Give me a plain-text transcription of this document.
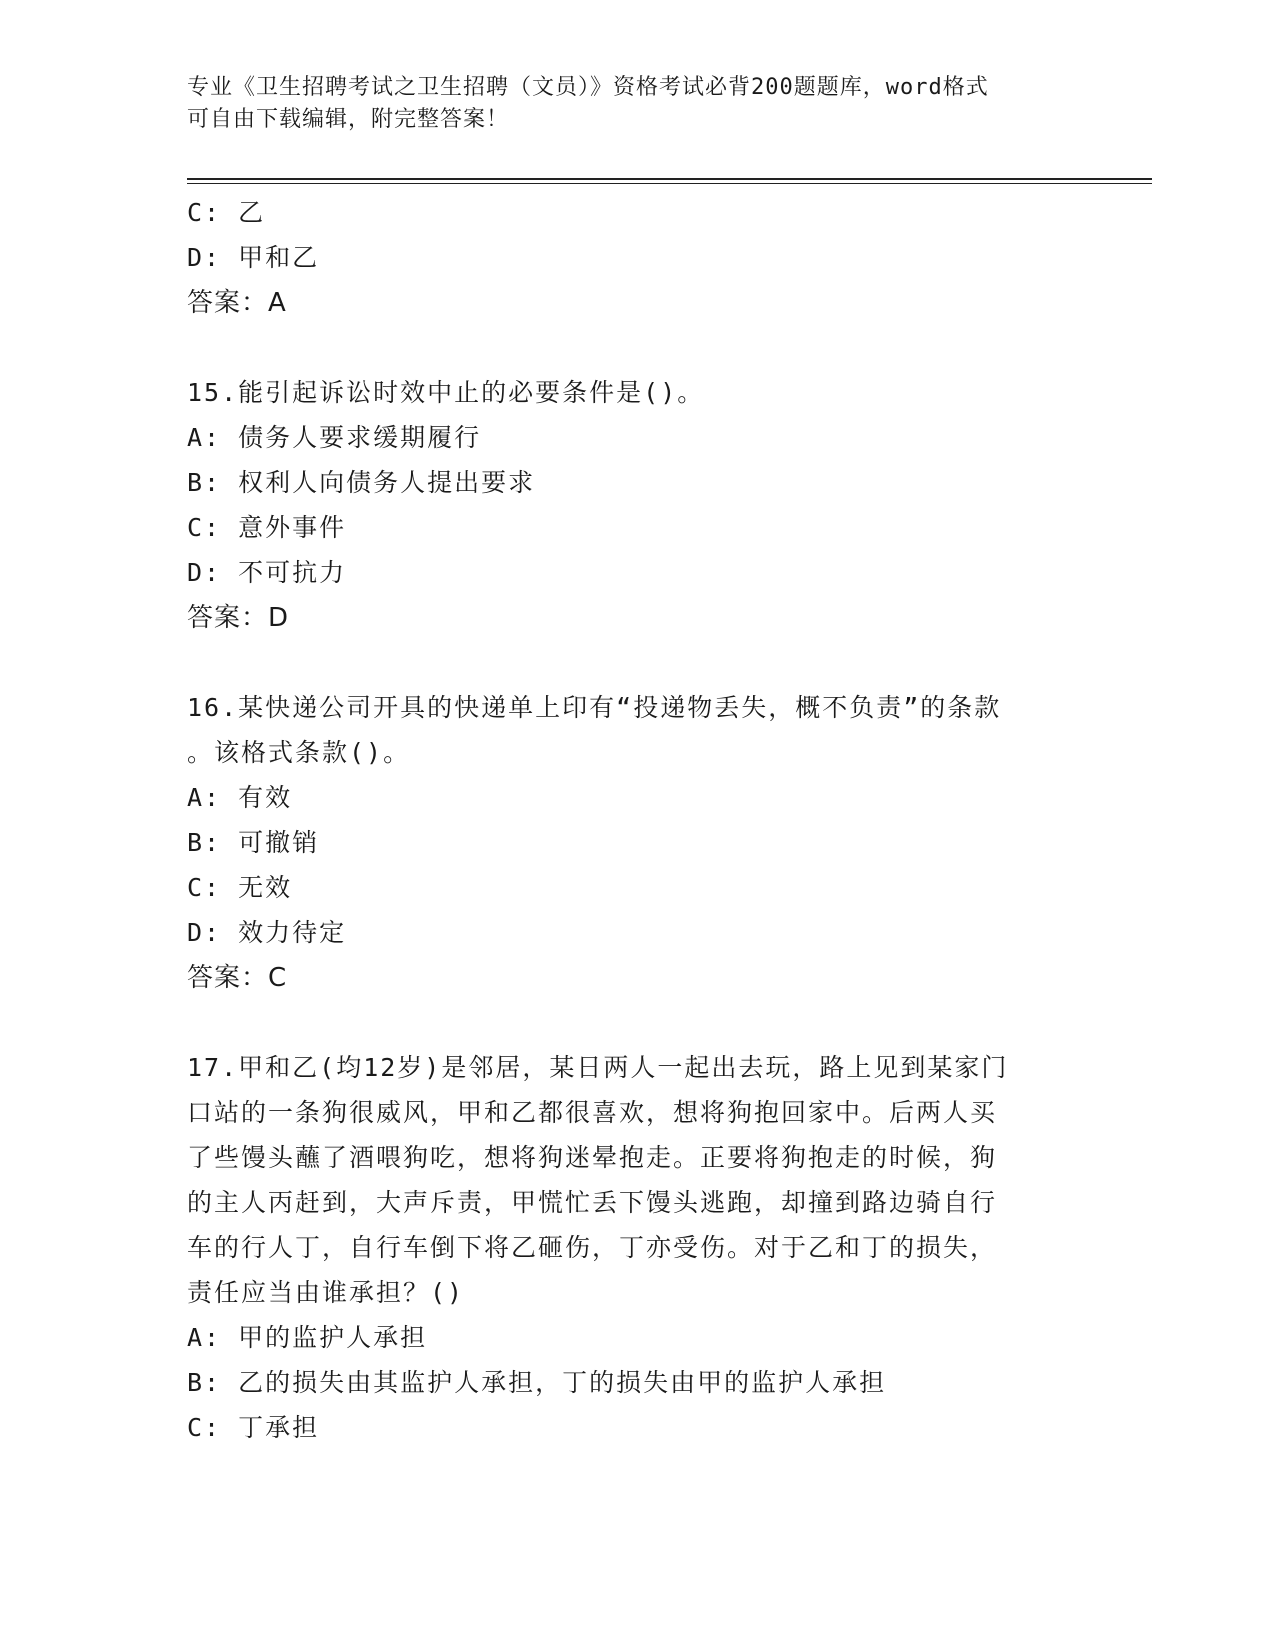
专业《卫生招聘考试之卫生招聘（文员）》资格考试必背200题题库，word格式
可自由下载编辑，附完整答案！
C: 乙
D: 甲和乙
答案：A
15.能引起诉讼时效中止的必要条件是()。
A: 债务人要求缓期履行
B: 权利人向债务人提出要求
C: 意外事件
D: 不可抗力
答案：D
16.某快递公司开具的快递单上印有“投递物丢失，概不负责”的条款
。该格式条款()。
A: 有效
B: 可撤销
C: 无效
D: 效力待定
答案：C
17.甲和乙(均12岁)是邻居，某日两人一起出去玩，路上见到某家门
口站的一条狗很威风，甲和乙都很喜欢，想将狗抱回家中。后两人买
了些馒头蘸了酒喂狗吃，想将狗迷晕抱走。正要将狗抱走的时候，狗
的主人丙赶到，大声斥责，甲慌忙丢下馒头逃跑，却撞到路边骑自行
车的行人丁，自行车倒下将乙砸伤，丁亦受伤。对于乙和丁的损失，
责任应当由谁承担？()
A: 甲的监护人承担
B: 乙的损失由其监护人承担，丁的损失由甲的监护人承担
C: 丁承担
